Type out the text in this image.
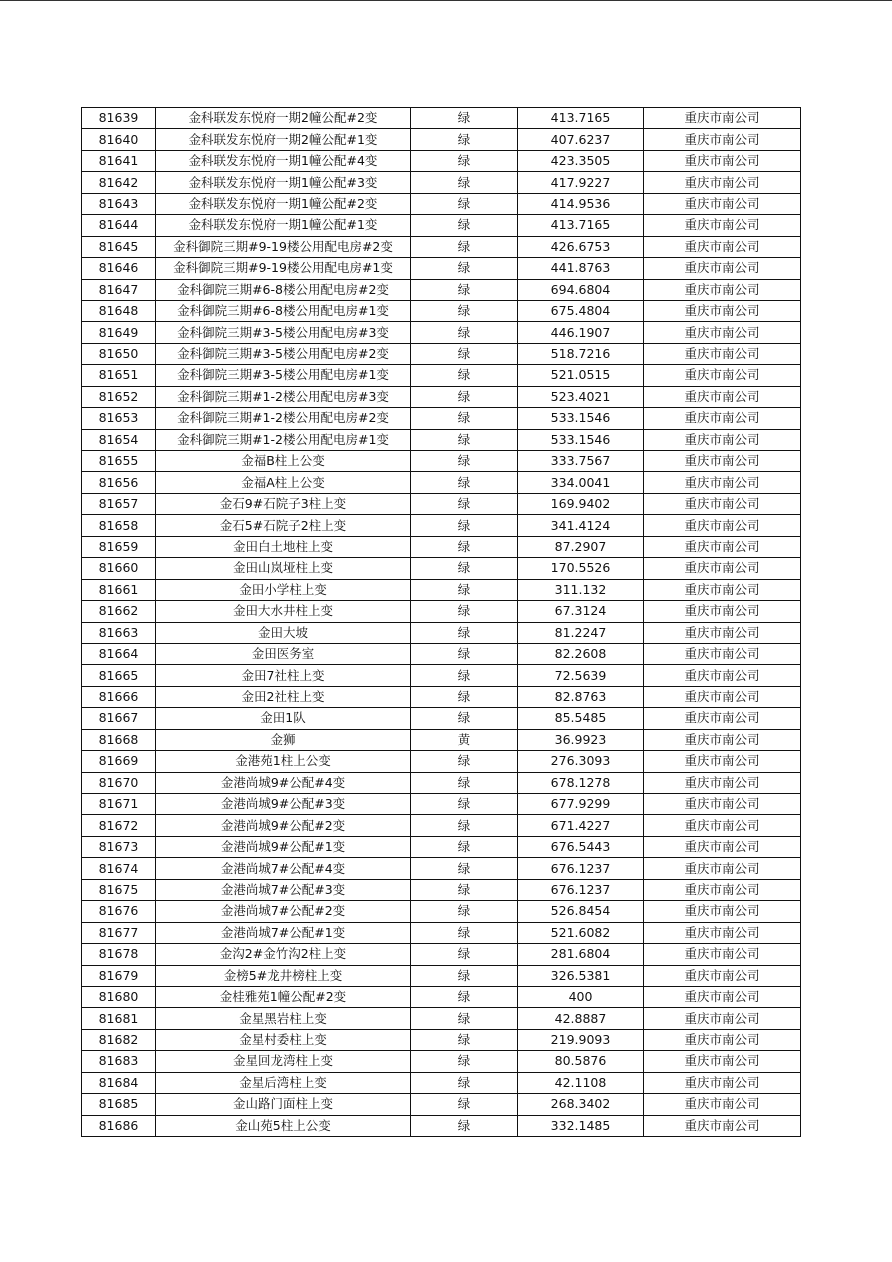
81639	金科联发东悦府一期2幢公配#2变	绿	413.7165	重庆市南公司
81640	金科联发东悦府一期2幢公配#1变	绿	407.6237	重庆市南公司
81641	金科联发东悦府一期1幢公配#4变	绿	423.3505	重庆市南公司
81642	金科联发东悦府一期1幢公配#3变	绿	417.9227	重庆市南公司
81643	金科联发东悦府一期1幢公配#2变	绿	414.9536	重庆市南公司
81644	金科联发东悦府一期1幢公配#1变	绿	413.7165	重庆市南公司
81645	金科御院三期#9-19楼公用配电房#2变	绿	426.6753	重庆市南公司
81646	金科御院三期#9-19楼公用配电房#1变	绿	441.8763	重庆市南公司
81647	金科御院三期#6-8楼公用配电房#2变	绿	694.6804	重庆市南公司
81648	金科御院三期#6-8楼公用配电房#1变	绿	675.4804	重庆市南公司
81649	金科御院三期#3-5楼公用配电房#3变	绿	446.1907	重庆市南公司
81650	金科御院三期#3-5楼公用配电房#2变	绿	518.7216	重庆市南公司
81651	金科御院三期#3-5楼公用配电房#1变	绿	521.0515	重庆市南公司
81652	金科御院三期#1-2楼公用配电房#3变	绿	523.4021	重庆市南公司
81653	金科御院三期#1-2楼公用配电房#2变	绿	533.1546	重庆市南公司
81654	金科御院三期#1-2楼公用配电房#1变	绿	533.1546	重庆市南公司
81655	金福B柱上公变	绿	333.7567	重庆市南公司
81656	金福A柱上公变	绿	334.0041	重庆市南公司
81657	金石9#石院子3柱上变	绿	169.9402	重庆市南公司
81658	金石5#石院子2柱上变	绿	341.4124	重庆市南公司
81659	金田白土地柱上变	绿	87.2907	重庆市南公司
81660	金田山岚垭柱上变	绿	170.5526	重庆市南公司
81661	金田小学柱上变	绿	311.132	重庆市南公司
81662	金田大水井柱上变	绿	67.3124	重庆市南公司
81663	金田大坡	绿	81.2247	重庆市南公司
81664	金田医务室	绿	82.2608	重庆市南公司
81665	金田7社柱上变	绿	72.5639	重庆市南公司
81666	金田2社柱上变	绿	82.8763	重庆市南公司
81667	金田1队	绿	85.5485	重庆市南公司
81668	金狮	黄	36.9923	重庆市南公司
81669	金港苑1柱上公变	绿	276.3093	重庆市南公司
81670	金港尚城9#公配#4变	绿	678.1278	重庆市南公司
81671	金港尚城9#公配#3变	绿	677.9299	重庆市南公司
81672	金港尚城9#公配#2变	绿	671.4227	重庆市南公司
81673	金港尚城9#公配#1变	绿	676.5443	重庆市南公司
81674	金港尚城7#公配#4变	绿	676.1237	重庆市南公司
81675	金港尚城7#公配#3变	绿	676.1237	重庆市南公司
81676	金港尚城7#公配#2变	绿	526.8454	重庆市南公司
81677	金港尚城7#公配#1变	绿	521.6082	重庆市南公司
81678	金沟2#金竹沟2柱上变	绿	281.6804	重庆市南公司
81679	金榜5#龙井榜柱上变	绿	326.5381	重庆市南公司
81680	金桂雅苑1幢公配#2变	绿	400	重庆市南公司
81681	金星黑岩柱上变	绿	42.8887	重庆市南公司
81682	金星村委柱上变	绿	219.9093	重庆市南公司
81683	金星回龙湾柱上变	绿	80.5876	重庆市南公司
81684	金星后湾柱上变	绿	42.1108	重庆市南公司
81685	金山路门面柱上变	绿	268.3402	重庆市南公司
81686	金山苑5柱上公变	绿	332.1485	重庆市南公司
